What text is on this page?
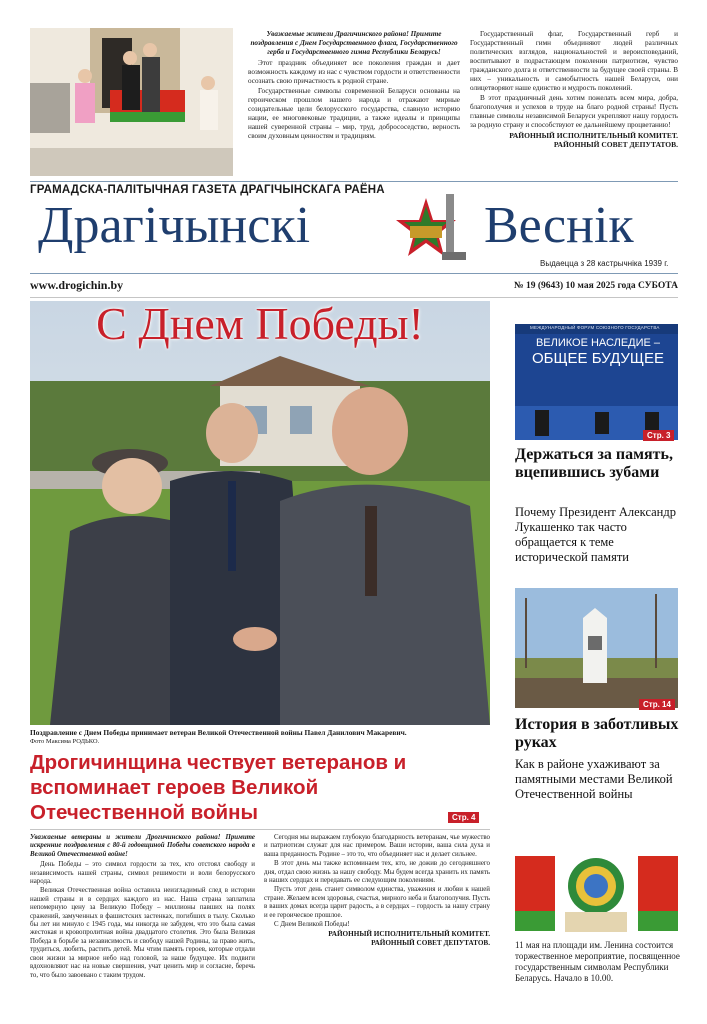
Уважаемые жители Драгичинского района! Примите поздравления с Днем Государственного флага, Государственного герба и Государственного гимна Республики Беларусь!

Этот праздник объединяет все поколения граждан и дает возможность каждому из нас с чувством гордости и ответственности осознать свою причастность к родной стране.

Государственные символы современной Беларуси основаны на героическом прошлом нашего народа и отражают мирные созидательные цели белорусского государства, славную историю нации, ее многовековые традиции, а также идеалы и принципы нашей суверенной страны – мир, труд, добрососедство, верность своим духовным ценностям и традициям.

Государственный флаг, Государственный герб и Государственный гимн объединяют людей различных политических взглядов, национальностей и вероисповеданий, воспитывают в подрастающем поколении патриотизм, чувство гражданского долга и ответственности за будущее своей страны. В них – уникальность и самобытность нашей Беларуси, они олицетворяют наше единство и мудрость поколений.

В этот праздничный день хотим пожелать всем мира, добра, благополучия и успехов в труде на благо родной страны! Пусть главные символы независимой Беларуси укрепляют нашу гордость за родную страну и способствуют ее дальнейшему процветанию!

РАЙОННЫЙ ИСПОЛНИТЕЛЬНЫЙ КОМИТЕТ.
РАЙОННЫЙ СОВЕТ ДЕПУТАТОВ.
ГРАМАДСКА-ПАЛІТЫЧНАЯ ГАЗЕТА ДРАГІЧЫНСКАГА РАЁНА
Драгічынскі	Веснік
Выдаецца з 28 кастрычніка 1939 г.
www.drogichin.by	№ 19 (9643) 10 мая 2025 года СУБОТА
С Днем Победы!
Поздравление с Днем Победы принимает ветеран Великой Отечественной войны Павел Данилович Макаревич.
Фото Максима РОДЬКО.
Дрогичинщина чествует ветеранов и вспоминает героев Великой Отечественной войны	Стр. 4
Уважаемые ветераны и жители Дрогичинского района! Примите искренние поздравления с 80-й годовщиной Победы советского народа в Великой Отечественной войне!

День Победы – это символ гордости за тех, кто отстоял свободу и независимость нашей страны, символ решимости и воли белорусского народа.

Великая Отечественная война оставила неизгладимый след в истории нашей страны и в сердцах каждого из нас. Наша страна заплатила непомерную цену за Великую Победу – миллионы павших на полях сражений, замученных в фашистских застенках, погибших в тылу. Сколько бы лет ни минуло с 1945 года, мы никогда не забудем, что это была самая жестокая и кровопролитная война двадцатого столетия. Это была Великая Победа в борьбе за независимость и свободу нашей Родины, за право жить, трудиться, любить, растить детей. Мы чтим память героев, которые отдали свои жизни за мирное небо над головой, за наше будущее. Их подвиги вдохновляют нас на новые свершения, учат ценить мир и согласие, беречь то, что было завоевано с таким трудом.

Сегодня мы выражаем глубокую благодарность ветеранам, чье мужество и патриотизм служат для нас примером. Ваши истории, ваша сила духа и ваша преданность Родине – это то, что объединяет нас и делает сильнее.

В этот день мы также вспоминаем тех, кто, не дожив до сегодняшнего дня, отдал свою жизнь за нашу свободу. Мы будем всегда хранить их память в наших сердцах и передавать ее следующим поколениям.

Пусть этот день станет символом единства, уважения и любви к нашей стране. Желаем всем здоровья, счастья, мирного неба и благополучия. Пусть в ваших домах всегда царит радость, а в сердцах – гордость за нашу страну и ее героическое прошлое.

С Днем Великой Победы!

РАЙОННЫЙ ИСПОЛНИТЕЛЬНЫЙ КОМИТЕТ.
РАЙОННЫЙ СОВЕТ ДЕПУТАТОВ.
МЕЖДУНАРОДНЫЙ ФОРУМ СОЮЗНОГО ГОСУДАРСТВА
ВЕЛИКОЕ НАСЛЕДИЕ –
ОБЩЕЕ БУДУЩЕЕ
Стр. 3
Держаться за память, вцепившись зубами
Почему Президент Александр Лукашенко так часто обращается к теме исторической памяти
Стр. 14
История в заботливых руках
Как в районе ухаживают за памятными местами Великой Отечественной войны
11 мая на площади им. Ленина состоится торжественное мероприятие, посвященное государственным символам Республики Беларусь. Начало в 10.00.
